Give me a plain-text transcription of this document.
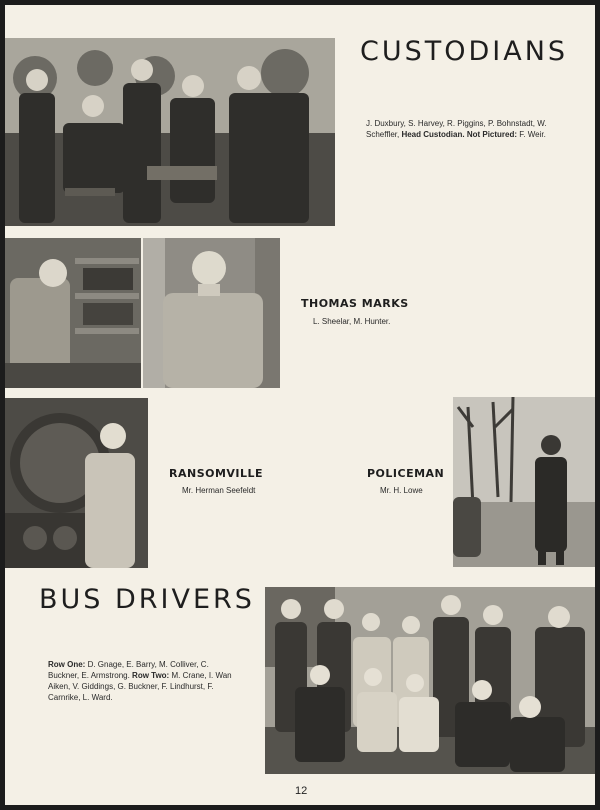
CUSTODIANS

J. Duxbury, S. Harvey, R. Piggins, P. Bohnstadt, W. Scheffler, Head Custodian. Not Pictured: F. Weir.

THOMAS MARKS

L. Sheelar, M. Hunter.

RANSOMVILLE

Mr. Herman Seefeldt

POLICEMAN

Mr. H. Lowe

BUS DRIVERS

Row One: D. Gnage, E. Barry, M. Colliver, C. Buckner, E. Armstrong. Row Two: M. Crane, I. Wan Aiken, V. Giddings, G. Buckner, F. Lindhurst, F. Carnrike, L. Ward.

12
